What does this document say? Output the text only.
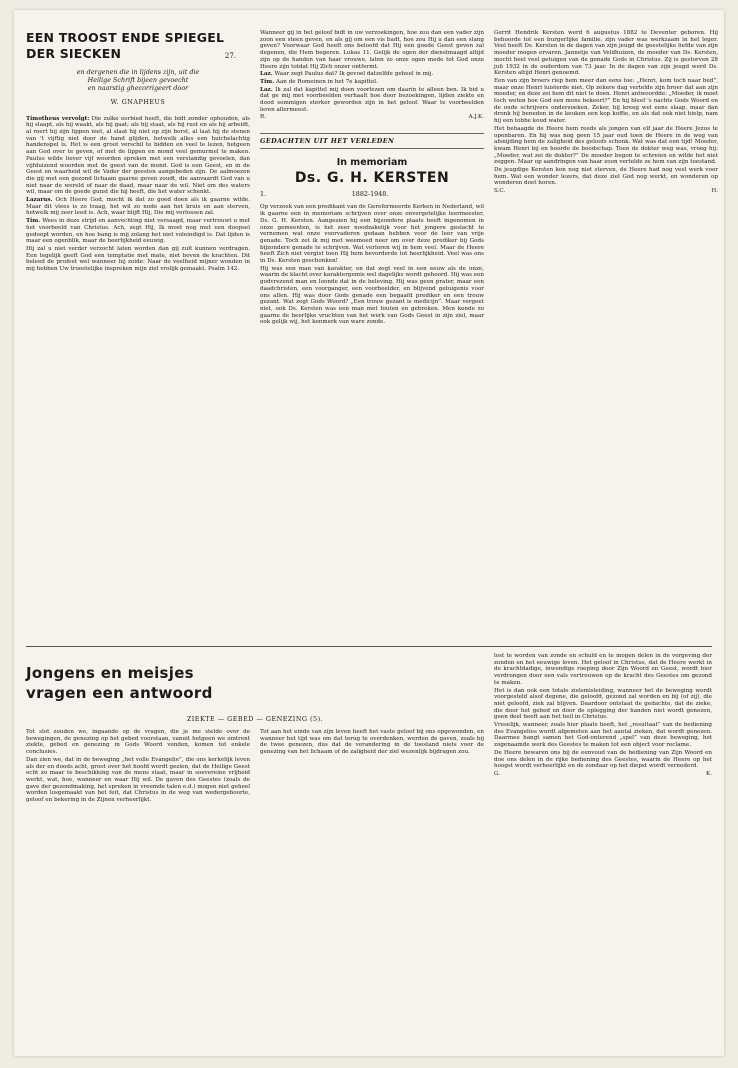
EEN TROOST ENDE SPIEGEL
DER SIECKEN	27.
en dergenen die in lijdens zijn, uit die
Heilige Schrift bijeen gevoecht
en naarstig ghecorrigeert door
W. GNAPHEUS

Timotheus vervolgt: Die zulke eerbied heeft, die bidt zonder ophouden, als hij slaapt, als hij waakt, als hij gaat; als hij staat, als hij rust en als hij arbeidt, al roert hij zijn lippen niet, al slaat hij niet op zijn borst, al laat hij de stenen van 't vijftig niet door de hand glijden, hetwelk alles een huichelachtig handenspel is. Het is een groot verschil te bidden en veel te lezen, hetgeen aan God over te geven, of met de lippen en mond veel gemurmel te maken. Paulus wilde liever vijf woorden spreken met een verstandig gevoelen, dan vijfduizend woorden met de geest van de mond. God is een Geest, en in de Geest en waarheid wil de Vader der geesten aangebeden zijn. De aalmoezen die gij met een gezond lichaam gaarne geven zoudt, die aanvaardt God van u niet naar de wereld of naar de daad, maar naar de wil. Niet om des waters wil, maar om de goede gunst die hij heeft, die het water schenkt.

Lazarus. Och Heere God, mocht ik dat zo goed doen als ik gaarne wilde. Maar dit vlees is zo traag, het wil zo node aan het kruis en aan sterven, hetwelk mij zeer leed is. Ach, waar blijft Hij, Die mij verlossen zal.

Tim. Wees in deze strijd en aanvechting niet versaagd, maar vertrouwt u met het voorbeeld van Christus. Ach, zegt Hij, Ik moet nog met een doopsel gedoopt worden, en hoe bang is mij zolang het niet voleindigd is. Dat lijden is maar een ogenblik, maar de heerlijkheid eeuwig.

Hij zal u niet verder verzocht laten worden dan gij zult kunnen verdragen. Een tegelijk geeft God een temptatie met mate, niet boven de krachten. Dit beleed de profeet wel wanneer hij zeide: Naar de veelheid mijner wonden in mij hebben Uw troostelijke inspreken mijn ziel vrolijk gemaakt. Psalm 142.

Wanneer gij in het geloof bidt in uw verzoekingen, hoe zou dan een vader zijn zoon een steen geven, en als gij om een vis badt, hoe zou Hij u dan een slang geven? Voorwaar God heeft ons beloofd dat Hij een goede Geest geven zal degenen, die Hem begeren. Lukas 11. Gelijk de ogen der dienstmaagd altijd zijn op de handen van haar vrouwe, laten zo onze ogen mede tot God onze Heere zijn totdat Hij Zich onzer ontfermt.

Laz. Waar zegt Paulus dat? Ik gevoel datzelfde geheel in mij.

Tim. Aan de Romeinen in het 7e kapittel.

Laz. Ik zal dat kapittel mij doen voorlezen om daarin te alleen ben. Ik bid u dat ge mij met voorbeelden verhaalt hoe door bezoekingen, lijden ziekte en dood sommigen sterker geworden zijn in het geloof. Waar te voorbeelden leren allermeest.

R.	A.J.K.
GEDACHTEN UIT HET VERLEDEN
In memoriam
Ds. G. H. KERSTEN
1.	1882-1948.

Op verzoek van een predikant van de Gereformeerde Kerken in Nederland, wil ik gaarne een in memoriam schrijven over onze onvergetelijke leermeester, Ds. G. H. Kersten. Aangezien hij een bijzondere plaats heeft ingenomen in onze gemeenten, is het zeer noodzakelijk voor het jongere geslacht te vernemen wat onze voorvaderen gedaan hebben voor de leer van vrije genade. Toch zet ik mij met weemoed neer om over deze prediker bij Gods bijzondere genade te schrijven. Wat verloren wij in hem veel. Maar de Heere heeft Zich niet vergist toen Hij hem bevorderde tot heerlijkheid. Veel was ons in Ds. Kersten geschonken!

Hij was een man van karakter, en dat zegt veel in een eeuw als de onze, waarin de klacht over karaktergemis wel dagelijks wordt gehoord. Hij was een godvrezend man en loonde dat in de beleving. Hij was geen prater, maar een daadchristen, een voorganger, een voorbeelder, en blijvend getuigenis voor ons allen. Hij was door Gods genade een begaafd prediker en een trouw gezant. Wat zegt Gods Woord? „Een trouw gezant is medicijn”. Maar vergeet niet, ook Ds. Kersten was een man met fouten en gebreken. Men kende zo gaarne de heerlijke vruchten van het werk van Gods Geest in zijn ziel, maar ook gelijk wij, het kenmerk van ware zonde.

Gerrit Hendrik Kersten werd 6 augustus 1882 te Deventer geboren. Hij behoorde tot een burgerlijke familie, zijn vader was werkzaam in het leger. Veel heeft Ds. Kersten in de dagen van zijn jeugd de geestelijke liefde van zijn moeder mogen ervaren. Jannetje van Veldhuizen, de moeder van Ds. Kersten, mocht heel veel getuigen van de genade Gods in Christus. Zij is gestorven 28 juli 1932 in de ouderdom van 73 jaar. In de dagen van zijn jeugd werd Ds. Kersten altijd Henri genoemd.

Een van zijn broers riep hem meer dan eens toe: „Henri, kom toch naar bed”, maar onze Henri luisterde niet. Op zekere dag vertelde zijn broer dat aan zijn moeder, en deze zei hem dit niet te doen. Henri antwoordde: „Moeder, ik moet toch weten hoe God een mens bekeert?” En hij bleef 's nachts Gods Woord en de oude schrijvers onderzoeken. Zeker, hij kreeg wel eens slaap, maar dan dronk hij beneden in de keuken een kop koffie, en als dat ook niet hielp, nam hij een tobbe koud water.

Het behaagde de Heere hem reeds als jongen van elf jaar de Heere Jezus te openbaren. En hij was nog geen 15 jaar oud toen de Heere in de weg van afsnijding hem de zaligheid des geloofs schonk. Wat was dat een tijd! Moeder, kwam Henri bij en hoorde de boodschap. Toen de dokter weg was, vroeg hij: „Moeder, wat zei de dokter?” De moeder begon te schreien en wilde het niet zeggen. Maar op aandringen van haar zoon vertelde ze hem van zijn toestand.

De jeugdige Kersten kon nog niet sterven, de Heere had nog veel werk voor hem. Wat een wonder lezers, dat deze ziel God nog werkt, en wonderen op wonderen doet horen.

S.C.	H.
Jongens en meisjes
vragen een antwoord
ZIEKTE — GEBED — GENEZING (5).

Tot slot zouden we, ingaande op de vragen, die je me stelde over de bewegingen, de genezing op het gebed voorstaan, vanuit hetgeen we omtrent ziekte, gebed en genezing in Gods Woord vonden, komen tot enkele conclusies.

Dan zien we, dat in de beweging „het volle Evangelie”, die ons kerkelijk leven als der en doods acht, groot over het hoofd wordt gezien, dat de Heilige Geest echt zo maar te beschikking van de mens staat, maar in soevereine vrijheid werkt, wat, hoe, wanneer en waar Hij wil. De gaven des Geestes (zoals de gave der gezondmaking, het spreken in vreemde talen e.d.) mogen niet geheel worden losgemaakt van het feit, dat Christus in de weg van wedergeboorte, geloof en bekering in de Zijnen verheerlijkt.

Tot aan het einde van zijn leven heeft het vaste geloof bij ons opgewonden, en wanneer het tijd was om dat terug te overdenken, werden de gaven, zoals bij de twee genezen, dus dat de verandering in de toestand niets voor de genezing van het lichaam of de zaligheid der ziel wezenlijk bijdragen zou.

lost te worden van zonde en schuld en te mogen delen in de vergeving der zonden en het eeuwige leven. Het geloof in Christus, dat de Heere werkt in de krachtdadige, inwendige roeping door Zijn Woord en Geest, wordt hier verdrongen door een vals vertrouwen op de kracht des Geestes om gezond te maken.

Het is dan ook een totale zielsmisleiding, wanneer het de beweging wordt voorgesteld alsof degene, die geloofd, gezond zal worden en bij (of zij), die niet geloofd, ziek zal blijven. Daardoor ontstaat de gedachte, dat de zieke, die door het gebed en door de oplegging der handen niet wordt genezen, geen deel heeft aan het heil in Christus.

Vreselijk, wanneer, zoals hier plaats heeft, het „resultaat” van de bediening des Evangelies wordt afgemeten aan het aantal zieken, dat wordt genezen. Daarmee hangt samen het God-onterend „spel” van deze beweging, het zogenaamde werk des Geestes te maken tot een object voor reclame.

De Heere bewaren ons bij de eenvoud van de bediening van Zijn Woord en doe ons delen in de rijke bediening des Geestes, waarin de Heere op het hoogst wordt verheerlijkt en de zondaar op het diepst wordt vernederd.

G.	K.
